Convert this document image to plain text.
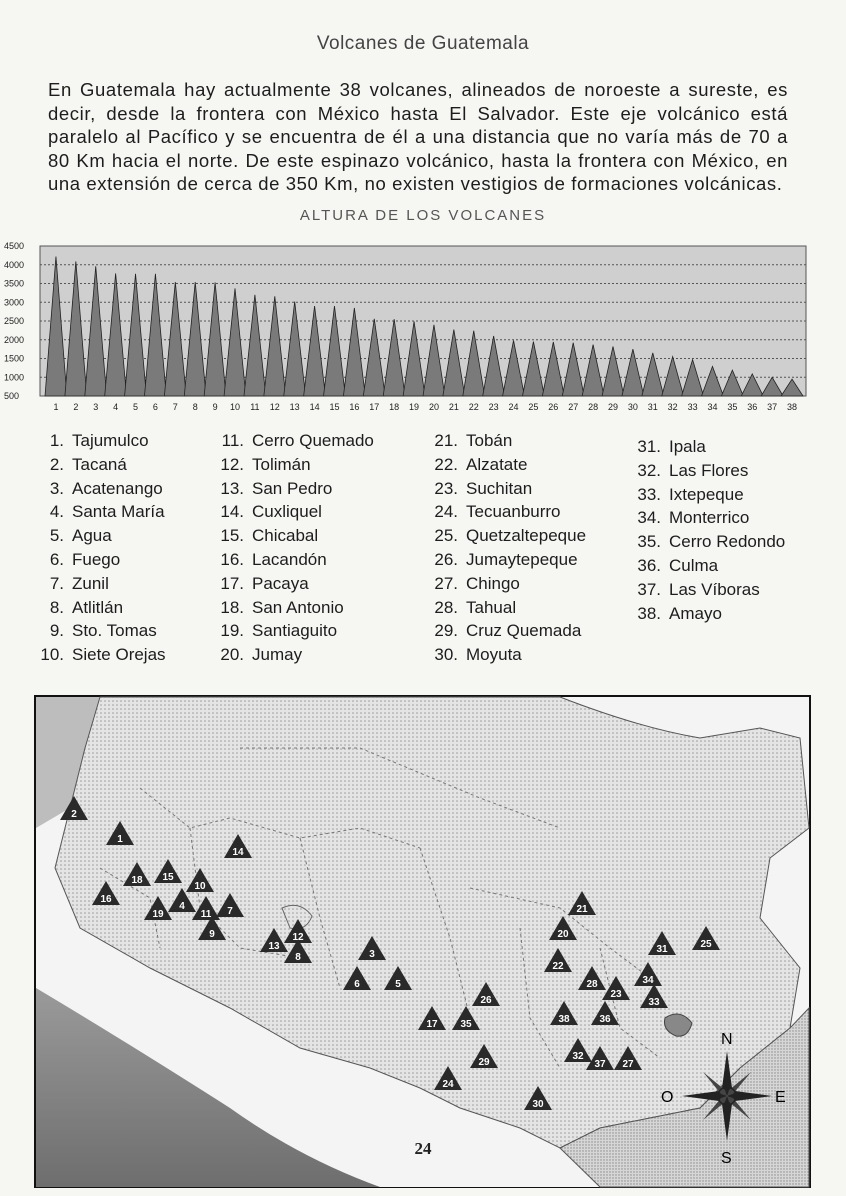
Volcanes de Guatemala
En Guatemala hay actualmente 38 volcanes, alineados de noroeste a sureste, es decir, desde la frontera con México hasta El Salvador. Este eje volcánico está paralelo al Pacífico y se encuentra de él a una distancia que no varía más de 70 a 80 Km hacia el norte. De este espinazo volcánico, hasta la frontera con México, en una extensión de cerca de 350 Km, no existen vestigios de formaciones volcánicas.
ALTURA DE LOS VOLCANES
4500
4000
3500
3000
2500
2000
1500
1000
500
1 2 3 4 5 6 7 8 9 10 11 12 13 14 15 16 17 18 19 20 21 22 23 24 25 26 27 28 29 30 31 32 33 34 35 36 37 38
1. Tajumulco
2. Tacaná
3. Acatenango
4. Santa María
5. Agua
6. Fuego
7. Zunil
8. Atlitlán
9. Sto. Tomas
10. Siete Orejas
11. Cerro Quemado
12. Tolimán
13. San Pedro
14. Cuxliquel
15. Chicabal
16. Lacandón
17. Pacaya
18. San Antonio
19. Santiaguito
20. Jumay
21. Tobán
22. Alzatate
23. Suchitan
24. Tecuanburro
25. Quetzaltepeque
26. Jumaytepeque
27. Chingo
28. Tahual
29. Cruz Quemada
30. Moyuta
31. Ipala
32. Las Flores
33. Ixtepeque
34. Monterrico
35. Cerro Redondo
36. Culma
37. Las Víboras
38. Amayo
1
2
3
4
5
6
7
8
9
10
11
12
13
14
15
16
17
18
19
20
21
22
23
24
25
26
27
28
29
30
31
32
33
34
35	36
37
38
N
S
E
O
24
